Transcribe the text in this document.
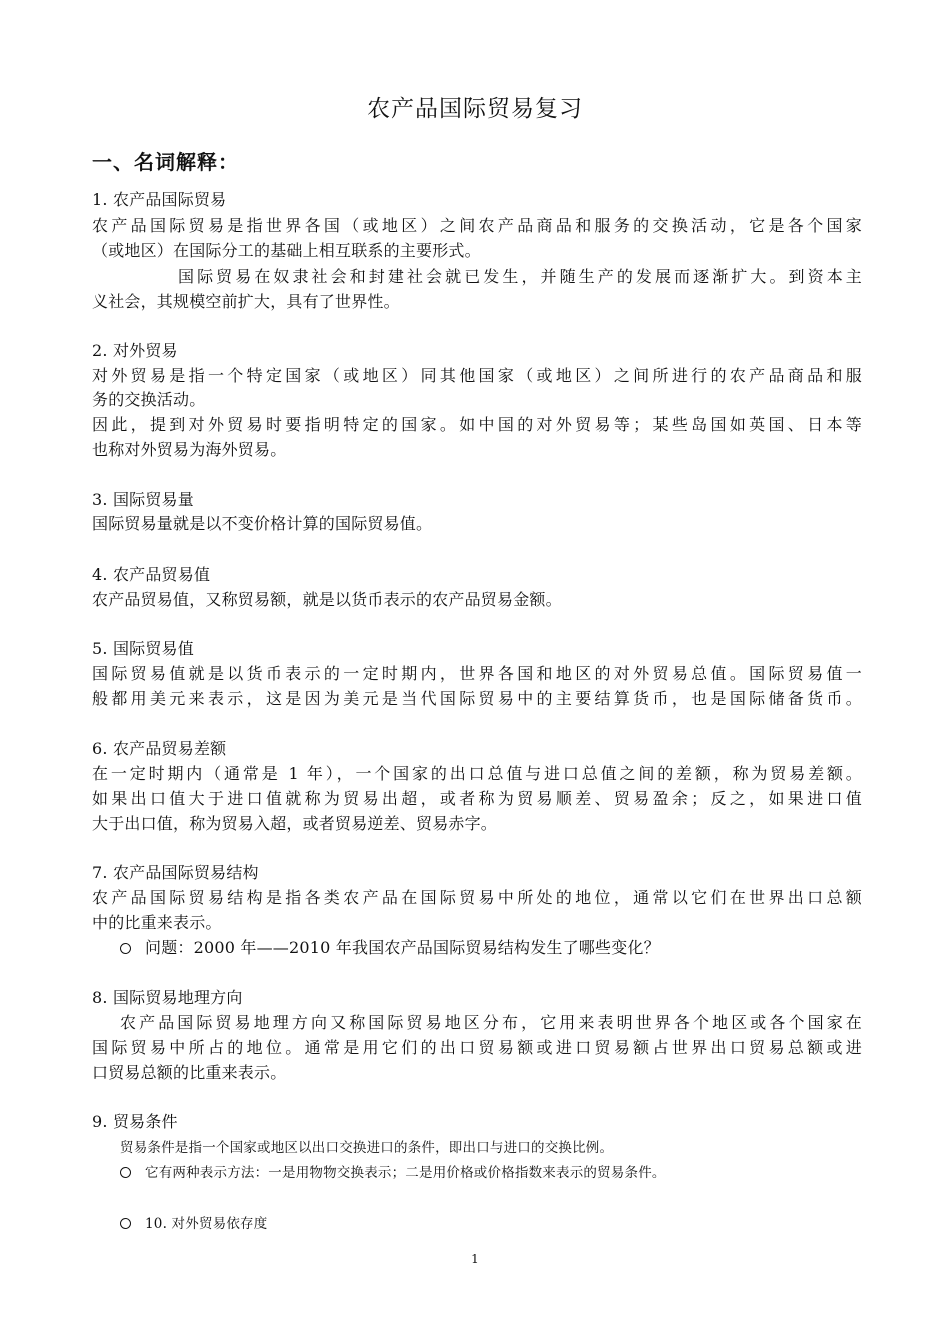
农产品国际贸易复习
一、名词解释：
1. 农产品国际贸易
农产品国际贸易是指世界各国（或地区）之间农产品商品和服务的交换活动，它是各个国家
（或地区）在国际分工的基础上相互联系的主要形式。
国际贸易在奴隶社会和封建社会就已发生，并随生产的发展而逐渐扩大。到资本主
义社会，其规模空前扩大，具有了世界性。
2. 对外贸易
对外贸易是指一个特定国家（或地区）同其他国家（或地区）之间所进行的农产品商品和服
务的交换活动。
因此，提到对外贸易时要指明特定的国家。如中国的对外贸易等；某些岛国如英国、日本等
也称对外贸易为海外贸易。
3. 国际贸易量
国际贸易量就是以不变价格计算的国际贸易值。
4. 农产品贸易值
农产品贸易值，又称贸易额，就是以货币表示的农产品贸易金额。
5. 国际贸易值
国际贸易值就是以货币表示的一定时期内，世界各国和地区的对外贸易总值。国际贸易值一
般都用美元来表示，这是因为美元是当代国际贸易中的主要结算货币，也是国际储备货币。
6. 农产品贸易差额
在一定时期内（通常是 1 年），一个国家的出口总值与进口总值之间的差额，称为贸易差额。
如果出口值大于进口值就称为贸易出超，或者称为贸易顺差、贸易盈余；反之，如果进口值
大于出口值，称为贸易入超，或者贸易逆差、贸易赤字。
7. 农产品国际贸易结构
农产品国际贸易结构是指各类农产品在国际贸易中所处的地位，通常以它们在世界出口总额
中的比重来表示。
问题：2000 年——2010 年我国农产品国际贸易结构发生了哪些变化？
8. 国际贸易地理方向
农产品国际贸易地理方向又称国际贸易地区分布，它用来表明世界各个地区或各个国家在
国际贸易中所占的地位。通常是用它们的出口贸易额或进口贸易额占世界出口贸易总额或进
口贸易总额的比重来表示。
9. 贸易条件
贸易条件是指一个国家或地区以出口交换进口的条件，即出口与进口的交换比例。
它有两种表示方法：一是用物物交换表示；二是用价格或价格指数来表示的贸易条件。
10. 对外贸易依存度
1
